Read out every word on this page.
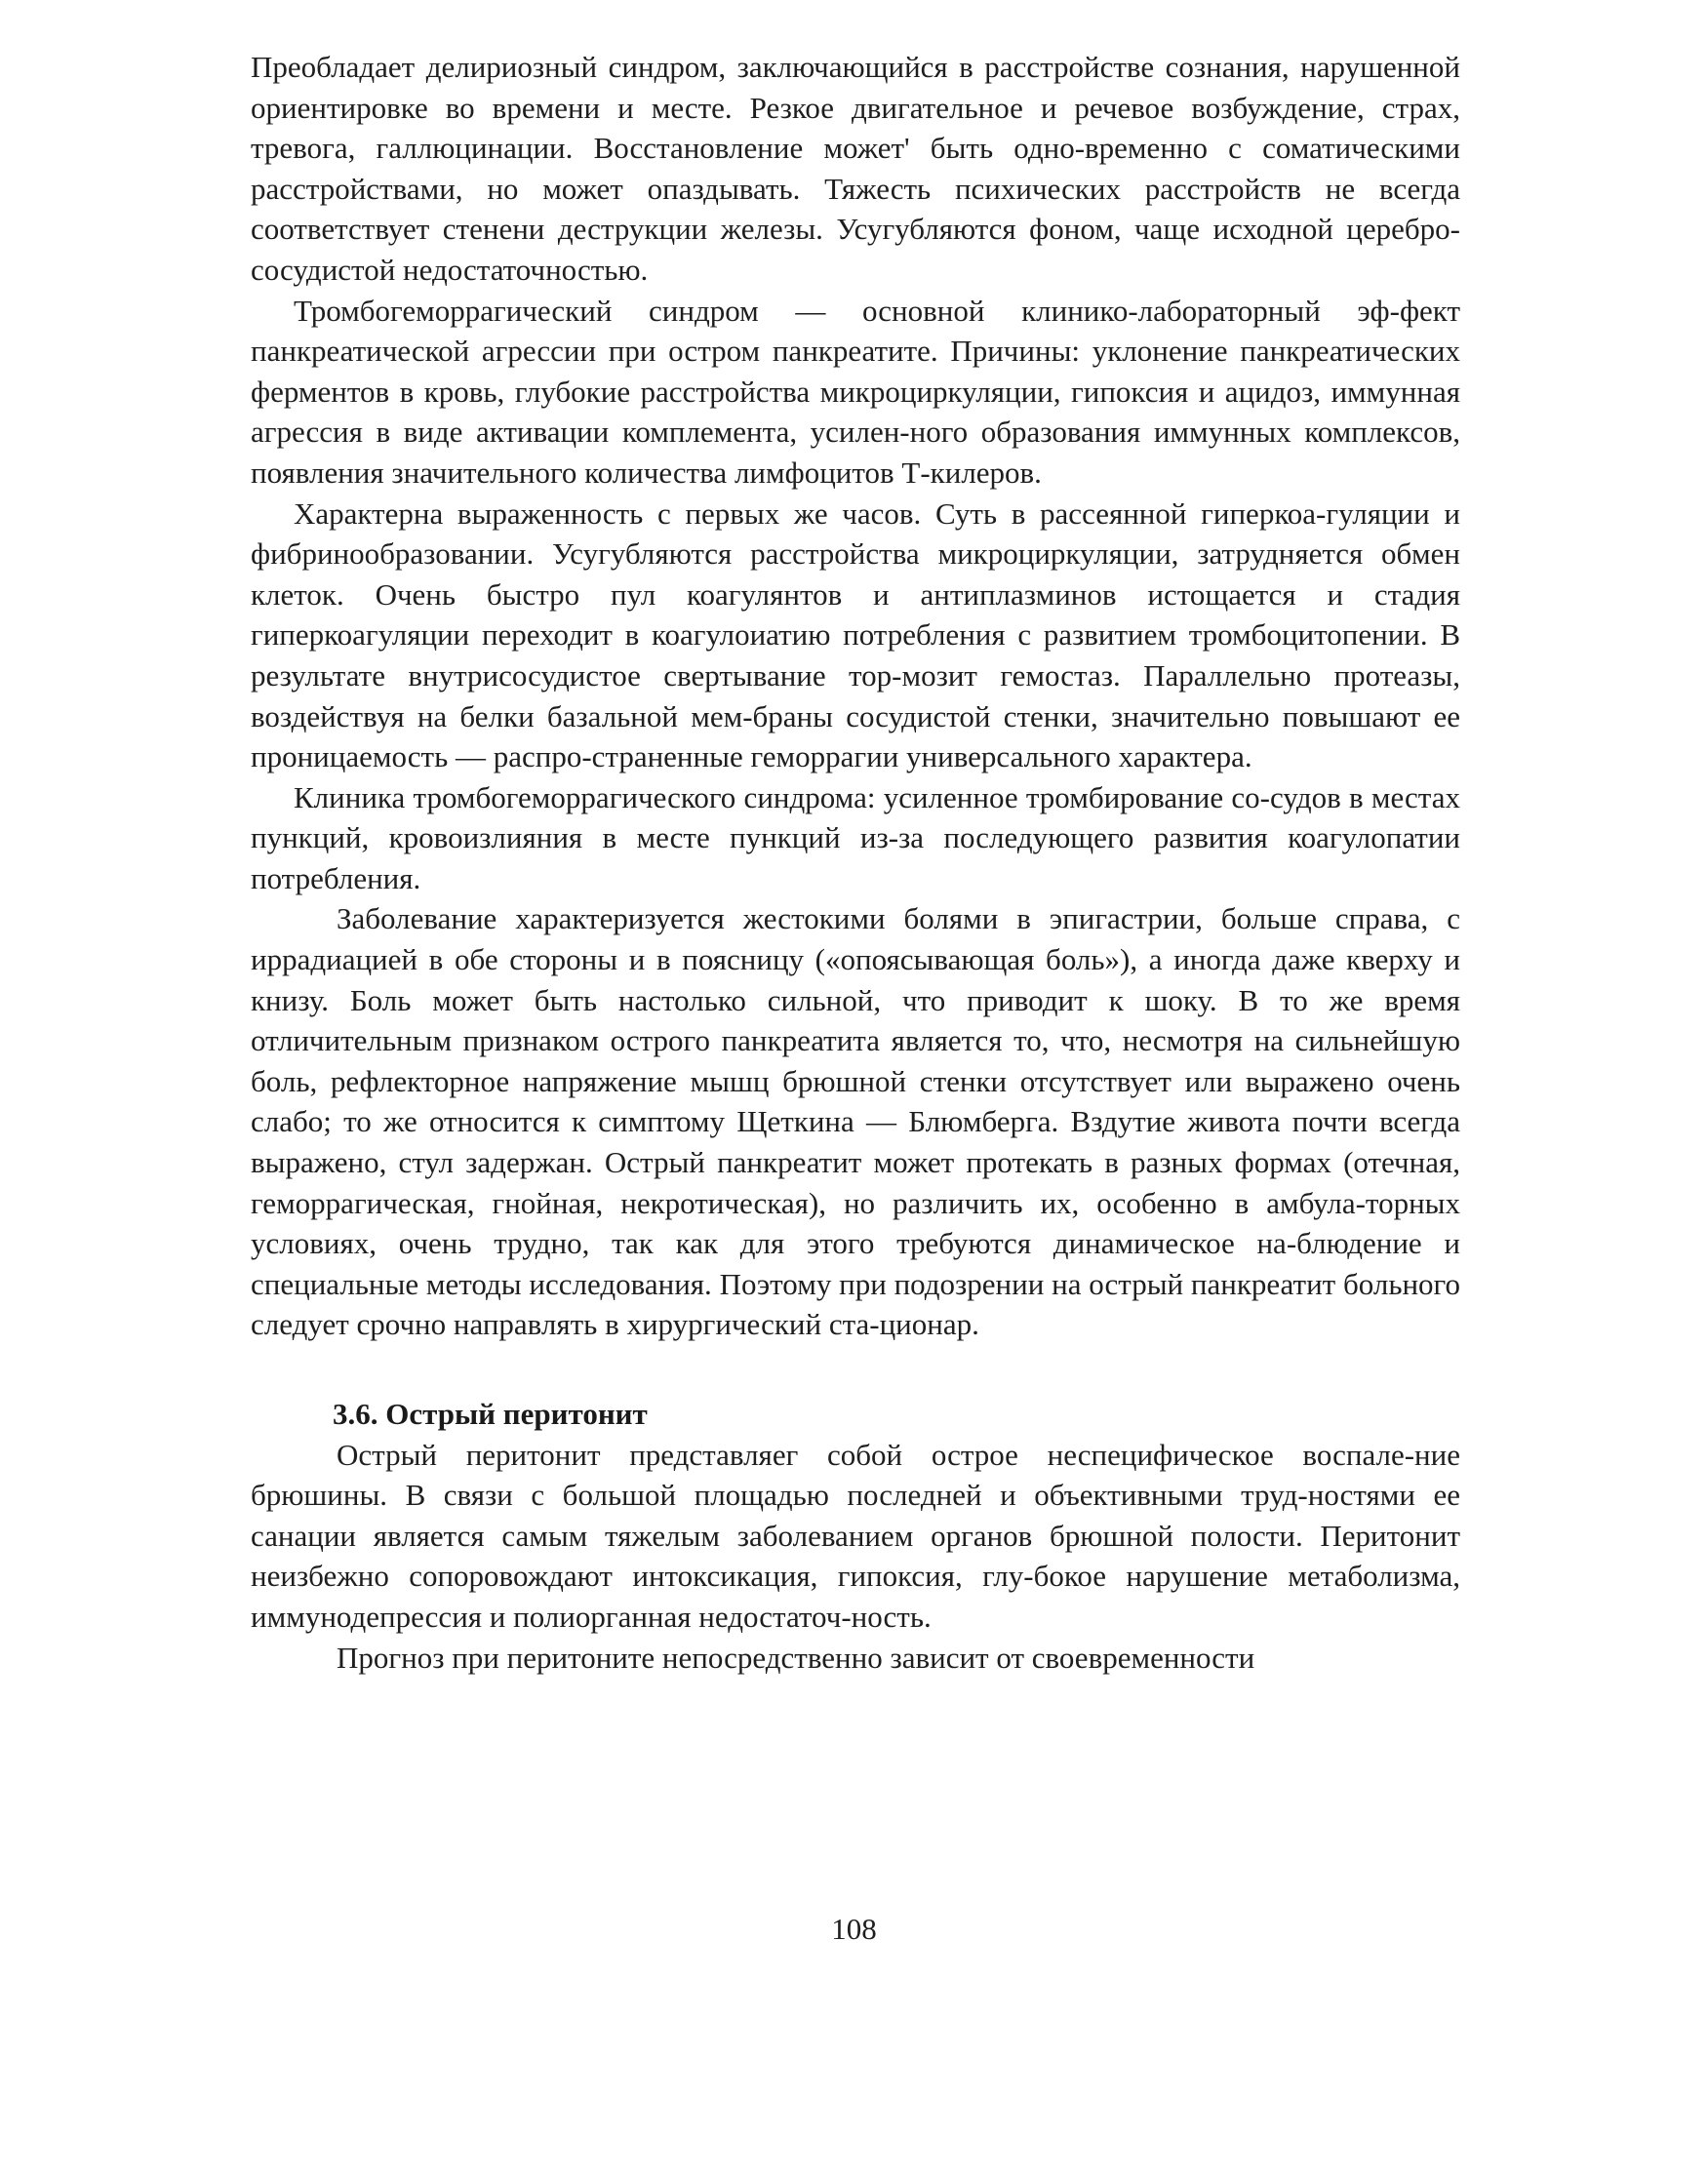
Преобладает делириозный синдром, заключающийся в расстройстве сознания, нарушенной ориентировке во времени и месте. Резкое двигательное и речевое возбуждение, страх, тревога, галлюцинации. Восстановление может' быть одно-временно с соматическими расстройствами, но может опаздывать. Тяжесть психических расстройств не всегда соответствует стенени деструкции железы. Усугубляются фоном, чаще исходной церебро-сосудистой недостаточностью.

Тромбогеморрагический синдром — основной клинико-лабораторный эф-фект панкреатической агрессии при остром панкреатите. Причины: уклонение панкреатических ферментов в кровь, глубокие расстройства микроциркуляции, гипоксия и ацидоз, иммунная агрессия в виде активации комплемента, усилен-ного образования иммунных комплексов, появления значительного количества лимфоцитов Т-килеров.

Характерна выраженность с первых же часов. Суть в рассеянной гиперкоа-гуляции и фибринообразовании. Усугубляются расстройства микроциркуляции, затрудняется обмен клеток. Очень быстро пул коагулянтов и антиплазминов истощается и стадия гиперкоагуляции переходит в коагулоиатию потребления с развитием тромбоцитопении. В результате внутрисосудистое свертывание тор-мозит гемостаз. Параллельно протеазы, воздействуя на белки базальной мем-браны сосудистой стенки, значительно повышают ее проницаемость — распро-страненные геморрагии универсального характера.

Клиника тромбогеморрагического синдрома: усиленное тромбирование со-судов в местах пункций, кровоизлияния в месте пункций из-за последующего развития коагулопатии потребления.

Заболевание характеризуется жестокими болями в эпигастрии, больше справа, с иррадиацией в обе стороны и в поясницу («опоясывающая боль»), а иногда даже кверху и книзу. Боль может быть настолько сильной, что приводит к шоку. В то же время отличительным признаком острого панкреатита является то, что, несмотря на сильнейшую боль, рефлекторное напряжение мышц брюшной стенки отсутствует или выражено очень слабо; то же относится к симптому Щеткина — Блюмберга. Вздутие живота почти всегда выражено, стул задержан. Острый панкреатит может протекать в разных формах (отечная, геморрагическая, гнойная, некротическая), но различить их, особенно в амбула-торных условиях, очень трудно, так как для этого требуются динамическое на-блюдение и специальные методы исследования. Поэтому при подозрении на острый панкреатит больного следует срочно направлять в хирургический ста-ционар.

3.6. Острый перитонит

Острый перитонит представляег собой острое неспецифическое воспале-ние брюшины. В связи с большой площадью последней и объективными труд-ностями ее санации является самым тяжелым заболеванием органов брюшной полости. Перитонит неизбежно сопоровождают интоксикация, гипоксия, глу-бокое нарушение метаболизма, иммунодепрессия и полиорганная недостаточ-ность.

Прогноз при перитоните непосредственно зависит от своевременности

108
